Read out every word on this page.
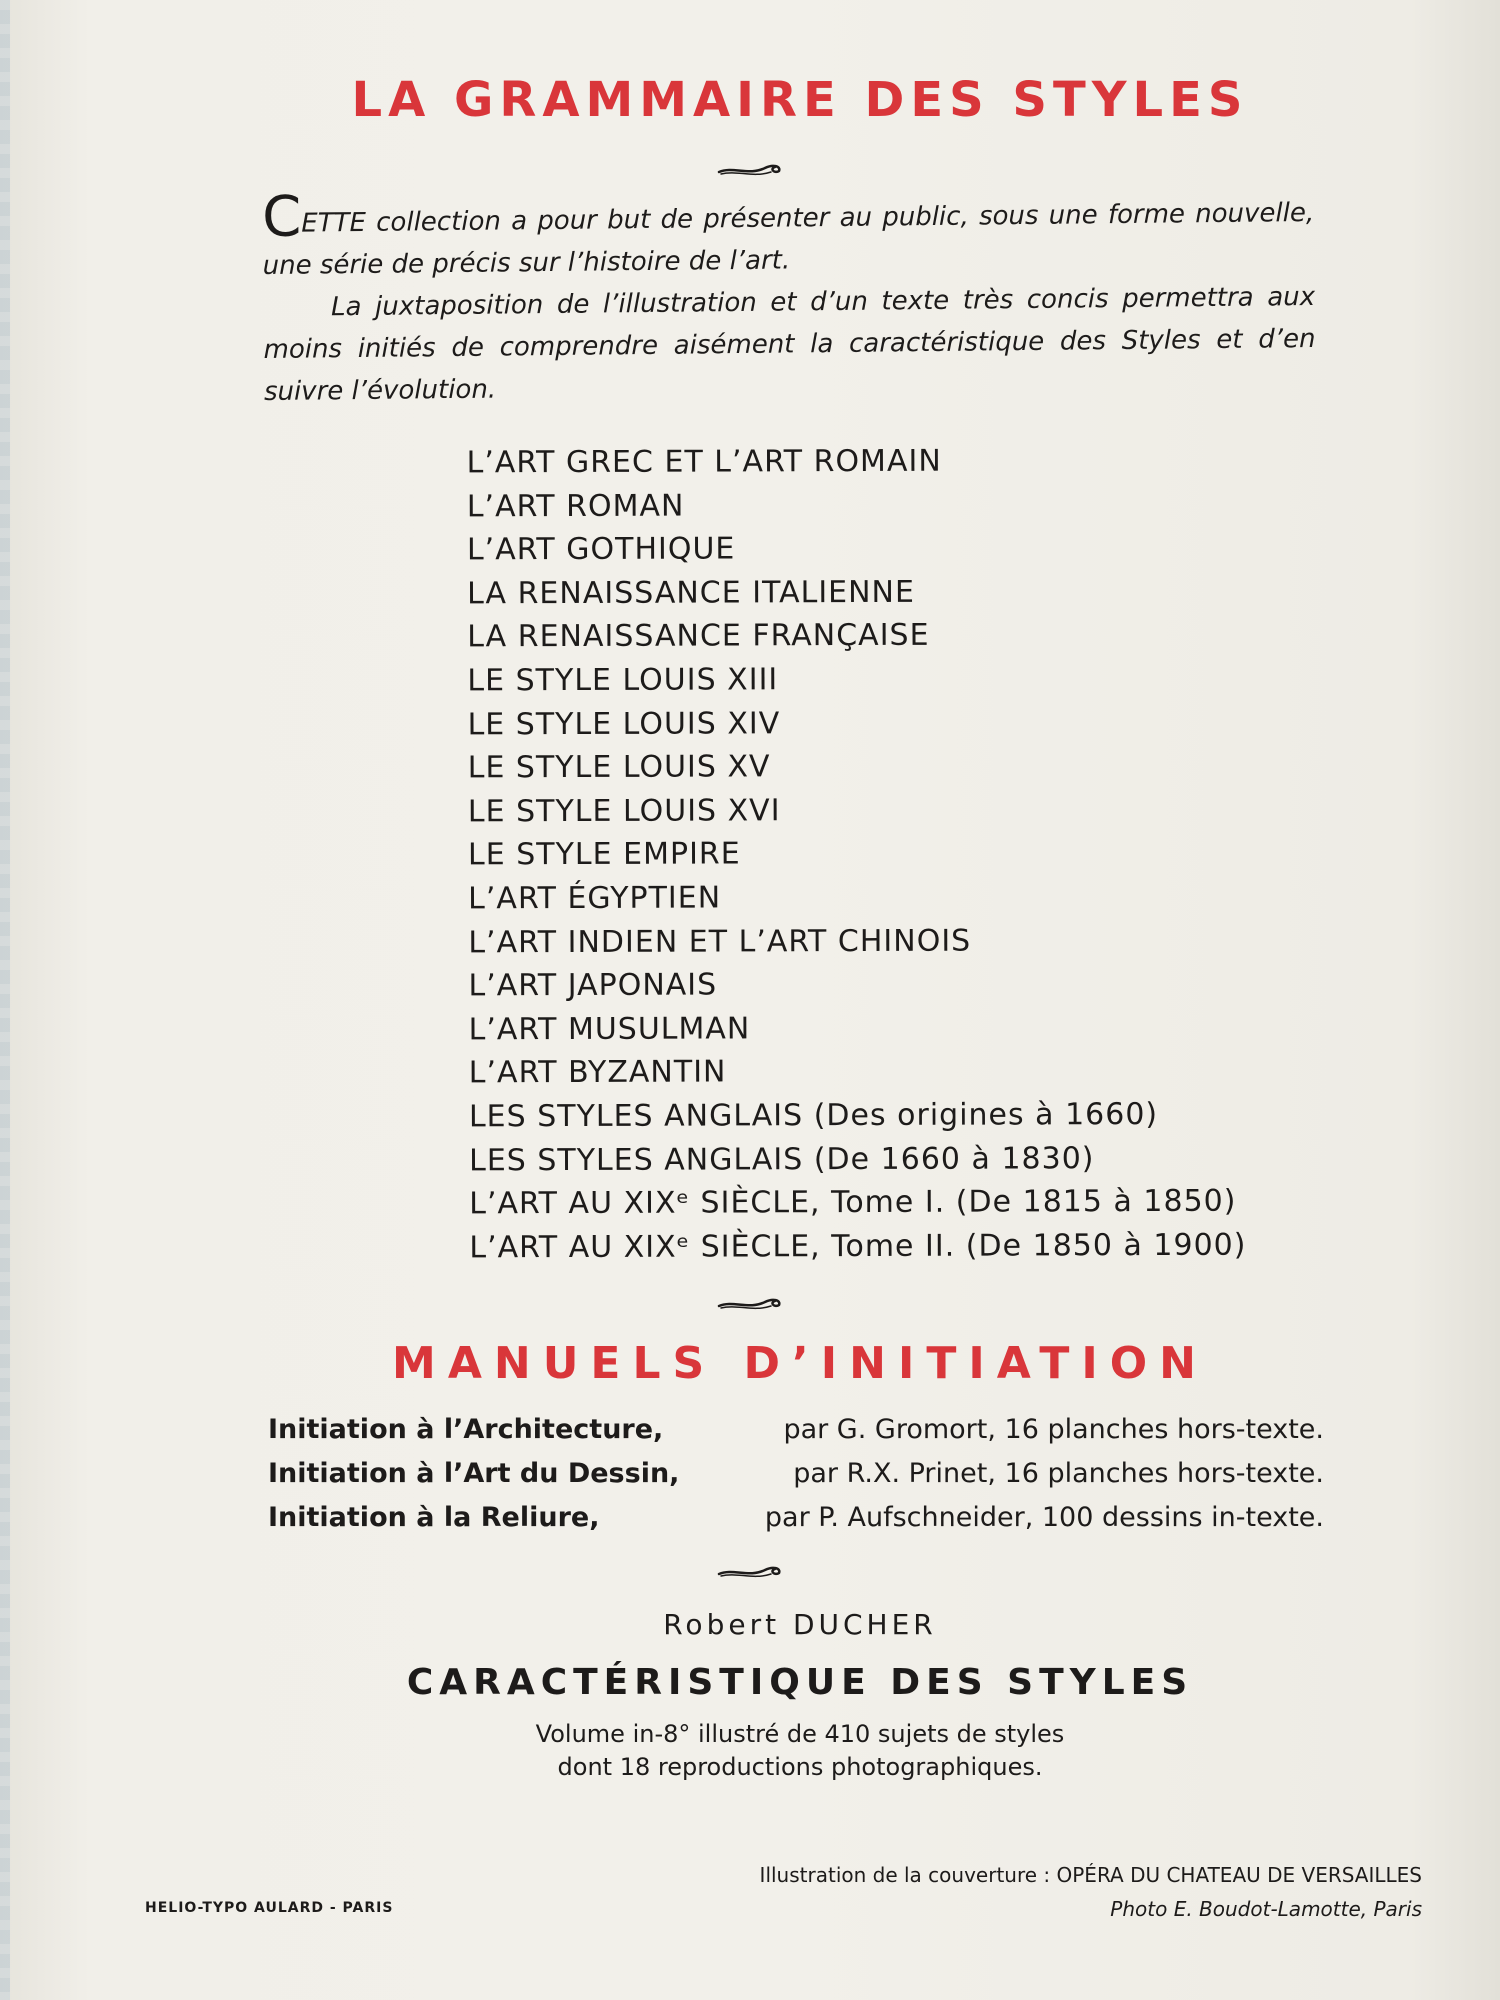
LA GRAMMAIRE DES STYLES

CETTE collection a pour but de présenter au public, sous une forme nouvelle, une série de précis sur l’histoire de l’art.

La juxtaposition de l’illustration et d’un texte très concis permettra aux moins initiés de comprendre aisément la caractéristique des Styles et d’en suivre l’évolution.

L’ART GREC ET L’ART ROMAIN
L’ART ROMAN
L’ART GOTHIQUE
LA RENAISSANCE ITALIENNE
LA RENAISSANCE FRANÇAISE
LE STYLE LOUIS XIII
LE STYLE LOUIS XIV
LE STYLE LOUIS XV
LE STYLE LOUIS XVI
LE STYLE EMPIRE
L’ART ÉGYPTIEN
L’ART INDIEN ET L’ART CHINOIS
L’ART JAPONAIS
L’ART MUSULMAN
L’ART BYZANTIN
LES STYLES ANGLAIS (Des origines à 1660)
LES STYLES ANGLAIS (De 1660 à 1830)
L’ART AU XIXᵉ SIÈCLE, Tome I. (De 1815 à 1850)
L’ART AU XIXᵉ SIÈCLE, Tome II. (De 1850 à 1900)
MANUELS D’INITIATION
Initiation à l’Architecture,	par G. Gromort, 16 planches hors-texte.
Initiation à l’Art du Dessin,	par R.X. Prinet, 16 planches hors-texte.
Initiation à la Reliure,	par P. Aufschneider, 100 dessins in-texte.
Robert DUCHER
CARACTÉRISTIQUE DES STYLES
Volume in-8° illustré de 410 sujets de styles
dont 18 reproductions photographiques.
HELIO-TYPO AULARD - PARIS
Illustration de la couverture : OPÉRA DU CHATEAU DE VERSAILLES
Photo E. Boudot-Lamotte, Paris
